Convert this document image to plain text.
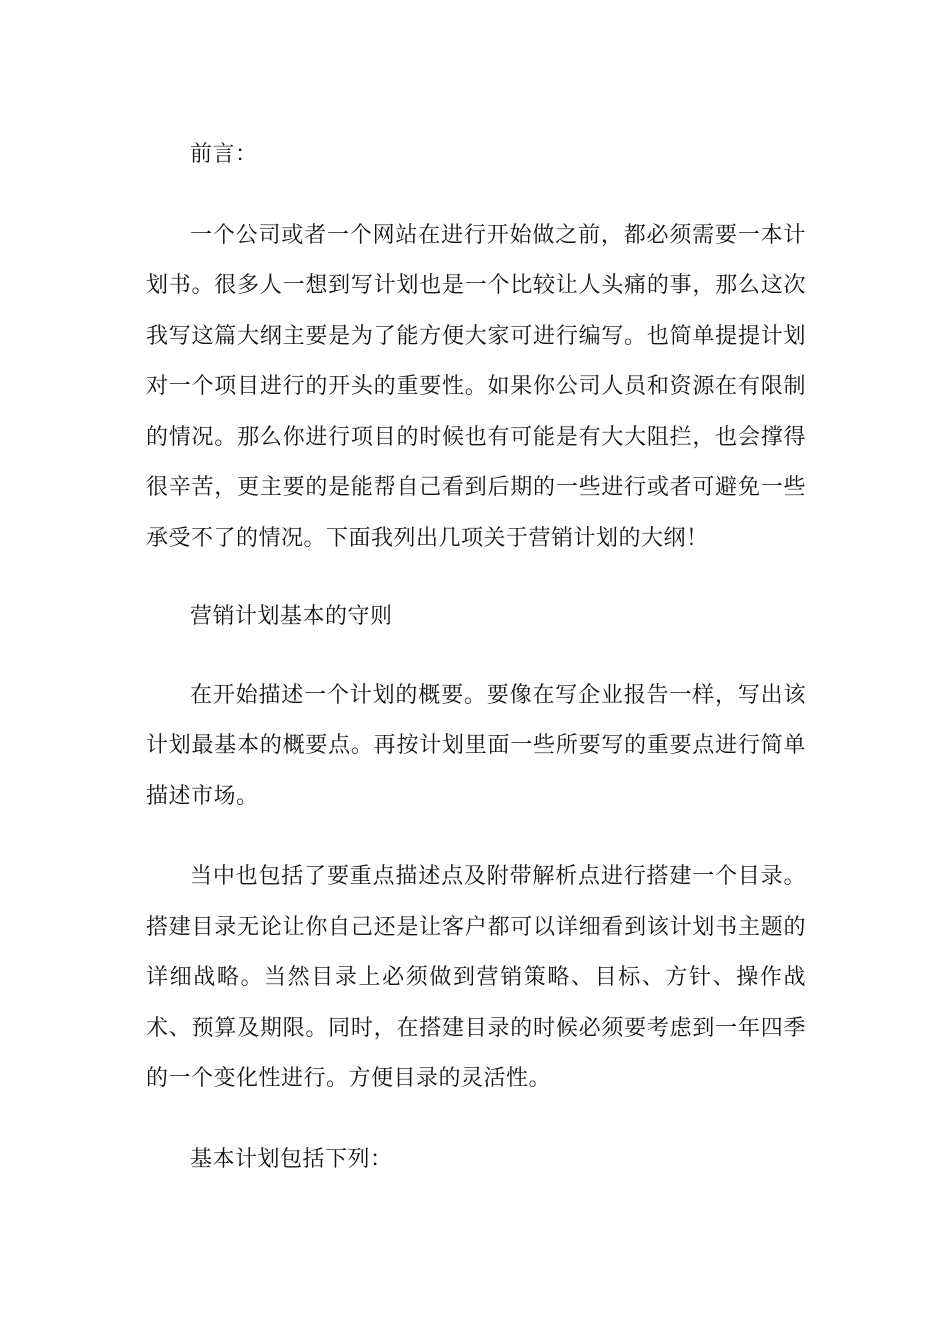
前言：

一个公司或者一个网站在进行开始做之前，都必须需要一本计划书。很多人一想到写计划也是一个比较让人头痛的事，那么这次我写这篇大纲主要是为了能方便大家可进行编写。也简单提提计划对一个项目进行的开头的重要性。如果你公司人员和资源在有限制的情况。那么你进行项目的时候也有可能是有大大阻拦，也会撑得很辛苦，更主要的是能帮自己看到后期的一些进行或者可避免一些承受不了的情况。下面我列出几项关于营销计划的大纲！

营销计划基本的守则

在开始描述一个计划的概要。要像在写企业报告一样，写出该计划最基本的概要点。再按计划里面一些所要写的重要点进行简单描述市场。

当中也包括了要重点描述点及附带解析点进行搭建一个目录。搭建目录无论让你自己还是让客户都可以详细看到该计划书主题的详细战略。当然目录上必须做到营销策略、目标、方针、操作战术、预算及期限。同时，在搭建目录的时候必须要考虑到一年四季的一个变化性进行。方便目录的灵活性。

基本计划包括下列：
